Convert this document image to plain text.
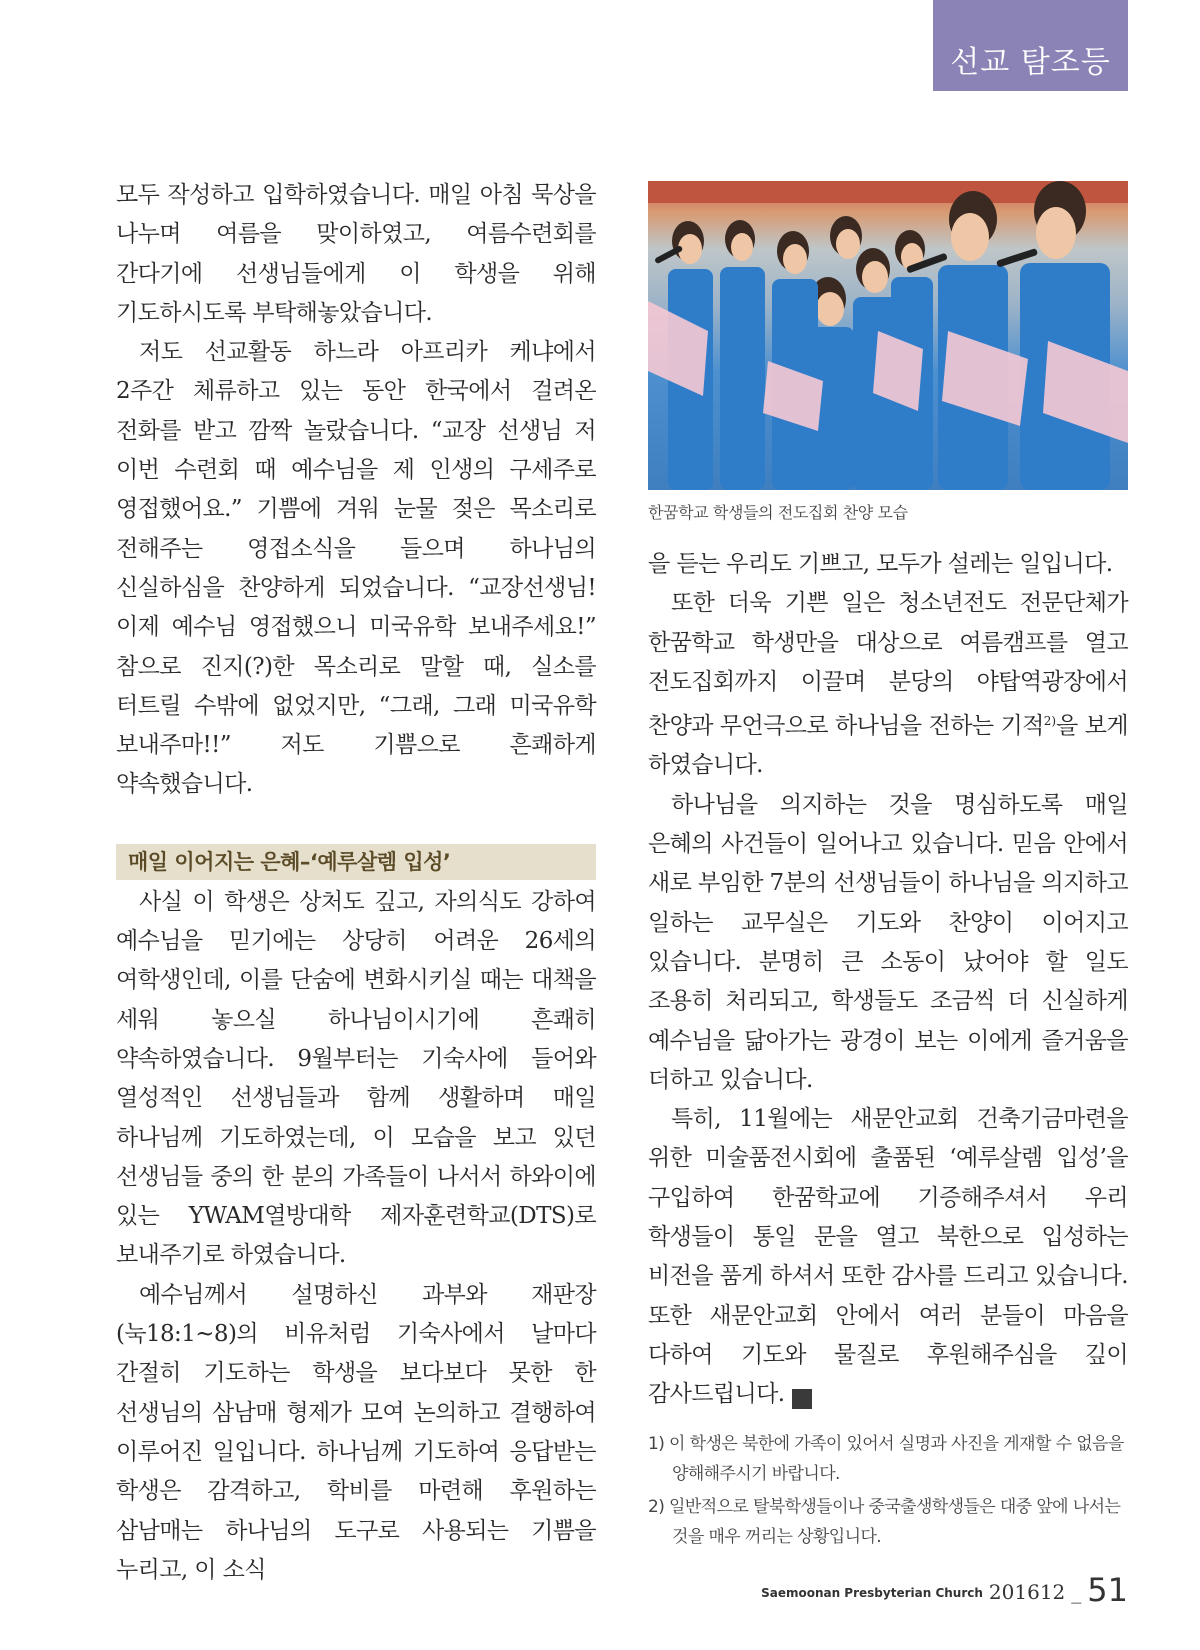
선교 탐조등

모두 작성하고 입학하였습니다. 매일 아침 묵상을 나누며 여름을 맞이하였고, 여름수련회를 간다기에 선생님들에게 이 학생을 위해 기도하시도록 부탁해놓았습니다.

저도 선교활동 하느라 아프리카 케냐에서 2주간 체류하고 있는 동안 한국에서 걸려온 전화를 받고 깜짝 놀랐습니다. “교장 선생님 저 이번 수련회 때 예수님을 제 인생의 구세주로 영접했어요.” 기쁨에 겨워 눈물 젖은 목소리로 전해주는 영접소식을 들으며 하나님의 신실하심을 찬양하게 되었습니다. “교장선생님! 이제 예수님 영접했으니 미국유학 보내주세요!” 참으로 진지(?)한 목소리로 말할 때, 실소를 터트릴 수밖에 없었지만, “그래, 그래 미국유학 보내주마!!” 저도 기쁨으로 흔쾌하게 약속했습니다.

매일 이어지는 은혜–‘예루살렘 입성’

사실 이 학생은 상처도 깊고, 자의식도 강하여 예수님을 믿기에는 상당히 어려운 26세의 여학생인데, 이를 단숨에 변화시키실 때는 대책을 세워 놓으실 하나님이시기에 흔쾌히 약속하였습니다. 9월부터는 기숙사에 들어와 열성적인 선생님들과 함께 생활하며 매일 하나님께 기도하였는데, 이 모습을 보고 있던 선생님들 중의 한 분의 가족들이 나서서 하와이에 있는 YWAM열방대학 제자훈련학교(DTS)로 보내주기로 하였습니다.

예수님께서 설명하신 과부와 재판장(눅18:1~8)의 비유처럼 기숙사에서 날마다 간절히 기도하는 학생을 보다보다 못한 한 선생님의 삼남매 형제가 모여 논의하고 결행하여 이루어진 일입니다. 하나님께 기도하여 응답받는 학생은 감격하고, 학비를 마련해 후원하는 삼남매는 하나님의 도구로 사용되는 기쁨을 누리고, 이 소식

한꿈학교 학생들의 전도집회 찬양 모습

을 듣는 우리도 기쁘고, 모두가 설레는 일입니다.

또한 더욱 기쁜 일은 청소년전도 전문단체가 한꿈학교 학생만을 대상으로 여름캠프를 열고 전도집회까지 이끌며 분당의 야탑역광장에서 찬양과 무언극으로 하나님을 전하는 기적$^{2)}$을 보게 하였습니다.

하나님을 의지하는 것을 명심하도록 매일 은혜의 사건들이 일어나고 있습니다. 믿음 안에서 새로 부임한 7분의 선생님들이 하나님을 의지하고 일하는 교무실은 기도와 찬양이 이어지고 있습니다. 분명히 큰 소동이 났어야 할 일도 조용히 처리되고, 학생들도 조금씩 더 신실하게 예수님을 닮아가는 광경이 보는 이에게 즐거움을 더하고 있습니다.

특히, 11월에는 새문안교회 건축기금마련을 위한 미술품전시회에 출품된 ‘예루살렘 입성’을 구입하여 한꿈학교에 기증해주셔서 우리 학생들이 통일 문을 열고 북한으로 입성하는 비전을 품게 하셔서 또한 감사를 드리고 있습니다. 또한 새문안교회 안에서 여러 분들이 마음을 다하여 기도와 물질로 후원해주심을 깊이 감사드립니다. 새

1) 이 학생은 북한에 가족이 있어서 실명과 사진을 게재할 수 없음을 양해해주시기 바랍니다.

2) 일반적으로 탈북학생들이나 중국출생학생들은 대중 앞에 나서는 것을 매우 꺼리는 상황입니다.

Saemoonan Presbyterian Church 201612 _ 51
